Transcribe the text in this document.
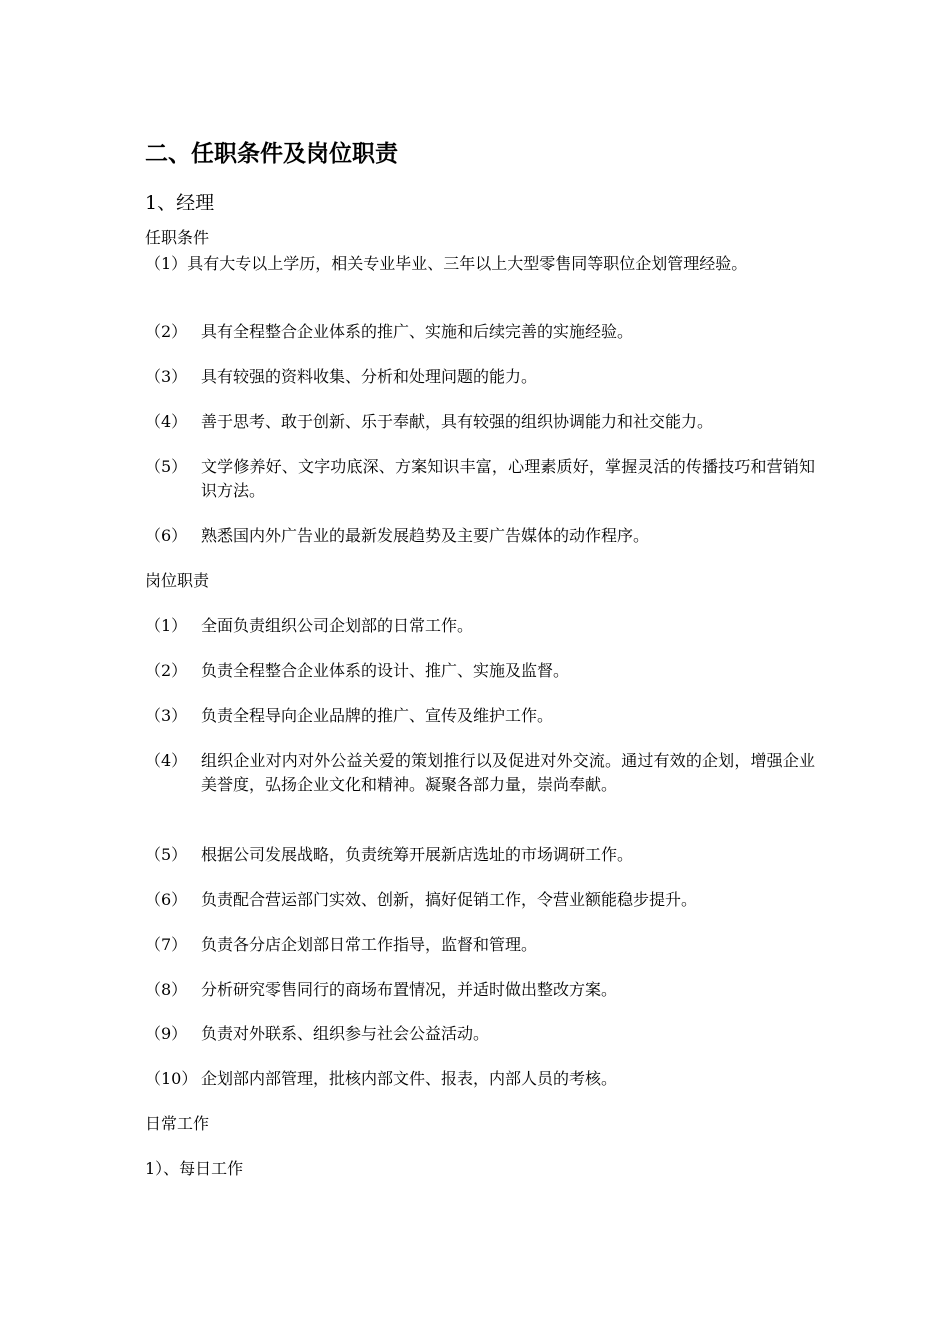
二、任职条件及岗位职责
1、经理
任职条件
（1）具有大专以上学历，相关专业毕业、三年以上大型零售同等职位企划管理经验。
（2） 具有全程整合企业体系的推广、实施和后续完善的实施经验。
（3） 具有较强的资料收集、分析和处理问题的能力。
（4） 善于思考、敢于创新、乐于奉献，具有较强的组织协调能力和社交能力。
（5） 文学修养好、文字功底深、方案知识丰富，心理素质好，掌握灵活的传播技巧和营销知识方法。
（6） 熟悉国内外广告业的最新发展趋势及主要广告媒体的动作程序。
岗位职责
（1） 全面负责组织公司企划部的日常工作。
（2） 负责全程整合企业体系的设计、推广、实施及监督。
（3） 负责全程导向企业品牌的推广、宣传及维护工作。
（4） 组织企业对内对外公益关爱的策划推行以及促进对外交流。通过有效的企划，增强企业美誉度，弘扬企业文化和精神。凝聚各部力量，崇尚奉献。
（5） 根据公司发展战略，负责统筹开展新店选址的市场调研工作。
（6） 负责配合营运部门实效、创新，搞好促销工作，令营业额能稳步提升。
（7） 负责各分店企划部日常工作指导，监督和管理。
（8） 分析研究零售同行的商场布置情况，并适时做出整改方案。
（9） 负责对外联系、组织参与社会公益活动。
（10） 企划部内部管理，批核内部文件、报表，内部人员的考核。
日常工作
1）、每日工作
